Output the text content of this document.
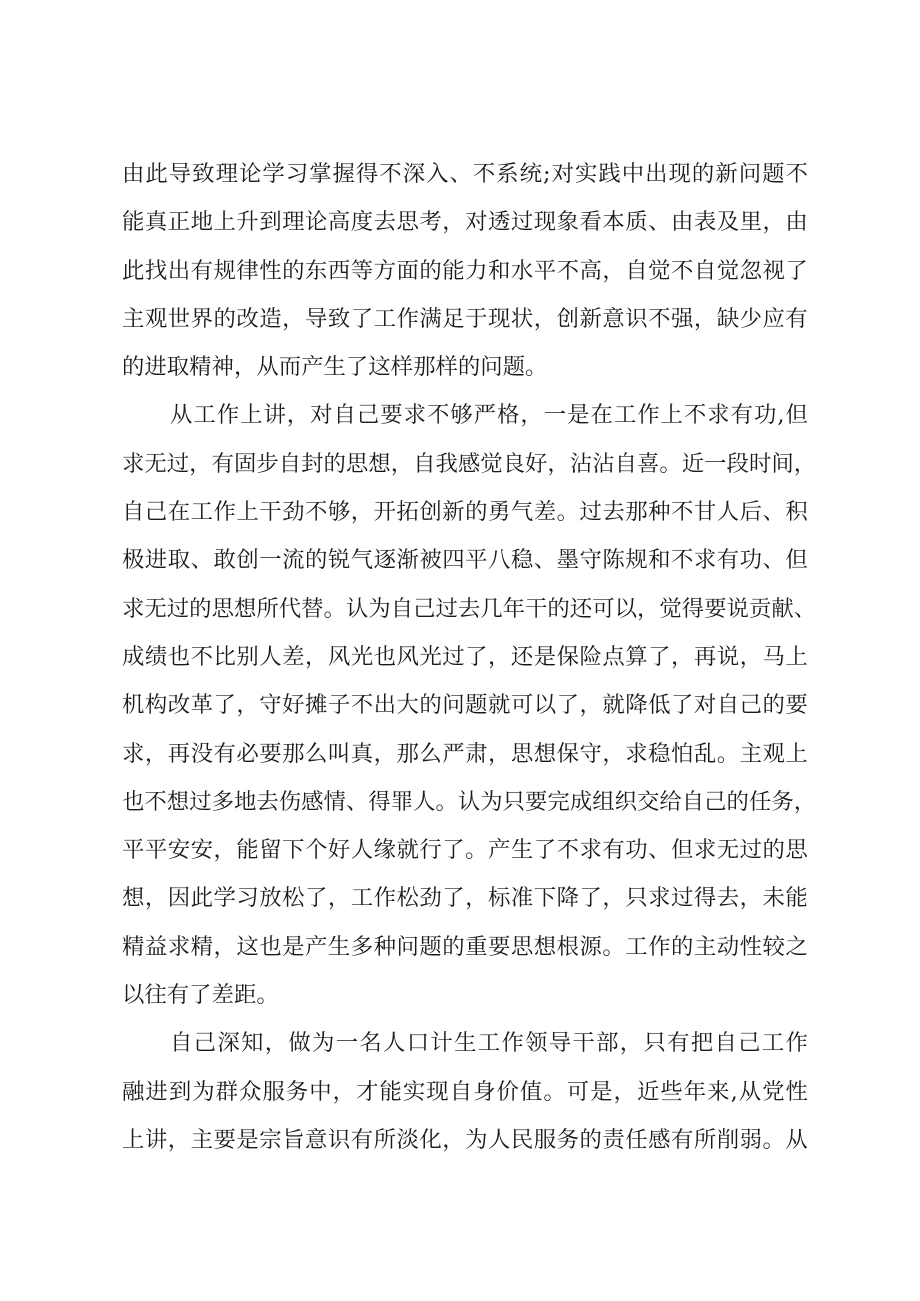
由 此 导 致 理 论 学 习 掌 握 得 不 深 入 、 不 系 统 ; 对 实 践 中 出 现 的 新 问 题 不
能 真 正 地 上 升 到 理 论 高 度 去 思 考 ， 对 透 过 现 象 看 本 质 、 由 表 及 里 ， 由
此 找 出 有 规 律 性 的 东 西 等 方 面 的 能 力 和 水 平 不 高 ， 自 觉 不 自 觉 忽 视 了
主 观 世 界 的 改 造 ， 导 致 了 工 作 满 足 于 现 状 ， 创 新 意 识 不 强 ， 缺 少 应 有
的进取精神，从而产生了这样那样的问题。
从 工 作 上 讲 ， 对 自 己 要 求 不 够 严 格 ， 一 是 在 工 作 上 不 求 有 功 , 但
求 无 过 ， 有 固 步 自 封 的 思 想 ， 自 我 感 觉 良 好 ， 沾 沾 自 喜 。 近 一 段 时 间 ，
自 己 在 工 作 上 干 劲 不 够 ， 开 拓 创 新 的 勇 气 差 。 过 去 那 种 不 甘 人 后 、 积
极 进 取 、 敢 创 一 流 的 锐 气 逐 渐 被 四 平 八 稳 、 墨 守 陈 规 和 不 求 有 功 、 但
求 无 过 的 思 想 所 代 替 。 认 为 自 己 过 去 几 年 干 的 还 可 以 ， 觉 得 要 说 贡 献 、
成 绩 也 不 比 别 人 差 ， 风 光 也 风 光 过 了 ， 还 是 保 险 点 算 了 ， 再 说 ， 马 上
机 构 改 革 了 ， 守 好 摊 子 不 出 大 的 问 题 就 可 以 了 ， 就 降 低 了 对 自 己 的 要
求 ， 再 没 有 必 要 那 么 叫 真 ， 那 么 严 肃 ， 思 想 保 守 ， 求 稳 怕 乱 。 主 观 上
也 不 想 过 多 地 去 伤 感 情 、 得 罪 人 。 认 为 只 要 完 成 组 织 交 给 自 己 的 任 务 ，
平 平 安 安 ， 能 留 下 个 好 人 缘 就 行 了 。 产 生 了 不 求 有 功 、 但 求 无 过 的 思
想 ， 因 此 学 习 放 松 了 ， 工 作 松 劲 了 ， 标 准 下 降 了 ， 只 求 过 得 去 ， 未 能
精 益 求 精 ， 这 也 是 产 生 多 种 问 题 的 重 要 思 想 根 源 。 工 作 的 主 动 性 较 之
以往有了差距。
自 己 深 知 ， 做 为 一 名 人 口 计 生 工 作 领 导 干 部 ， 只 有 把 自 己 工 作
融 进 到 为 群 众 服 务 中 ， 才 能 实 现 自 身 价 值 。 可 是 ， 近 些 年 来 , 从 党 性
上 讲 ， 主 要 是 宗 旨 意 识 有 所 淡 化 ， 为 人 民 服 务 的 责 任 感 有 所 削 弱 。 从
